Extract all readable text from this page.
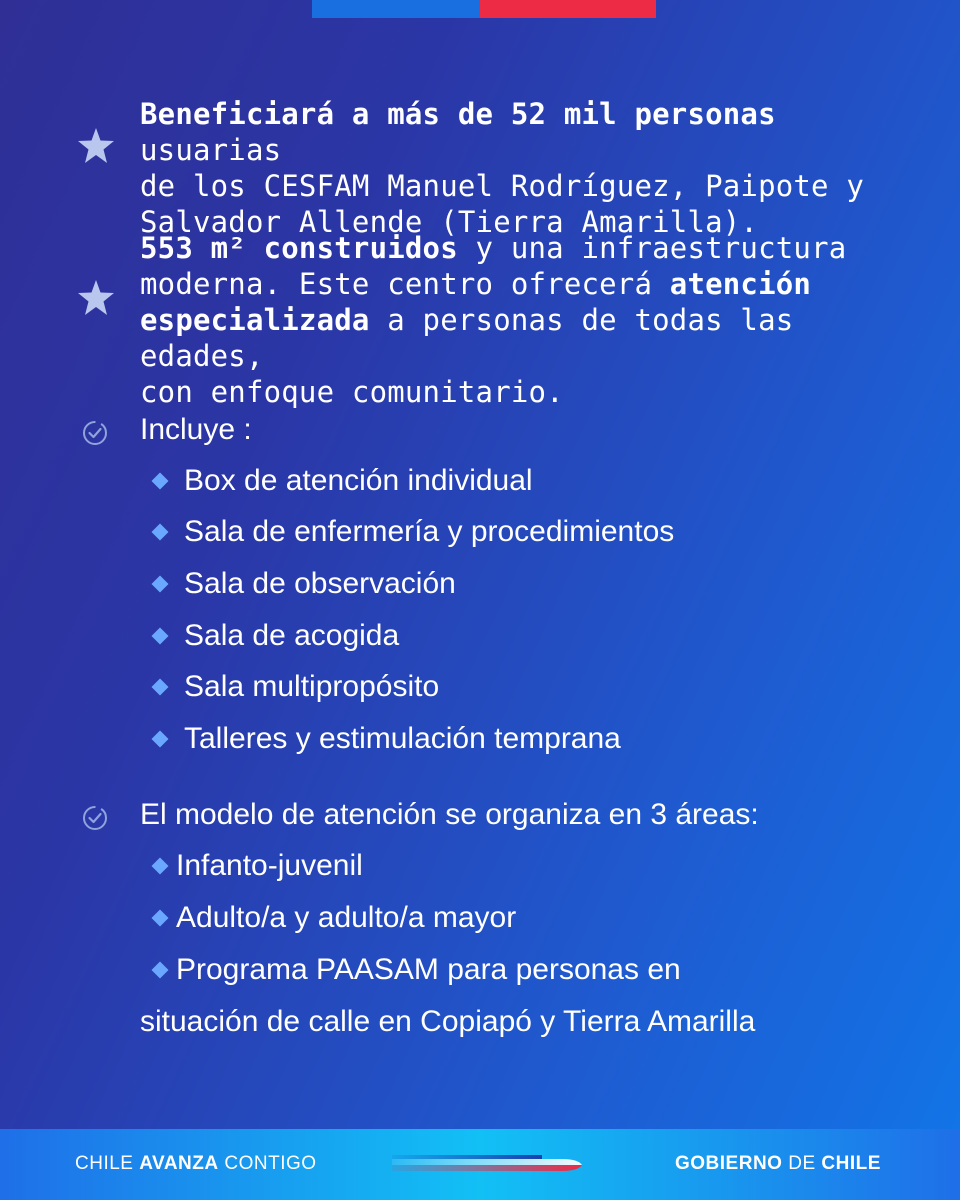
Beneficiará a más de 52 mil personas usuarias
de los CESFAM Manuel Rodríguez, Paipote y
Salvador Allende (Tierra Amarilla).
553 m² construidos y una infraestructura
moderna. Este centro ofrecerá atención
especializada a personas de todas las edades,
con enfoque comunitario.
Incluye :
Box de atención individual
Sala de enfermería y procedimientos
Sala de observación
Sala de acogida
Sala multipropósito
Talleres y estimulación temprana
El modelo de atención se organiza en 3 áreas:
Infanto-juvenil
Adulto/a y adulto/a mayor
Programa PAASAM para personas en
situación de calle en Copiapó y Tierra Amarilla
CHILE AVANZA CONTIGO	GOBIERNO DE CHILE
